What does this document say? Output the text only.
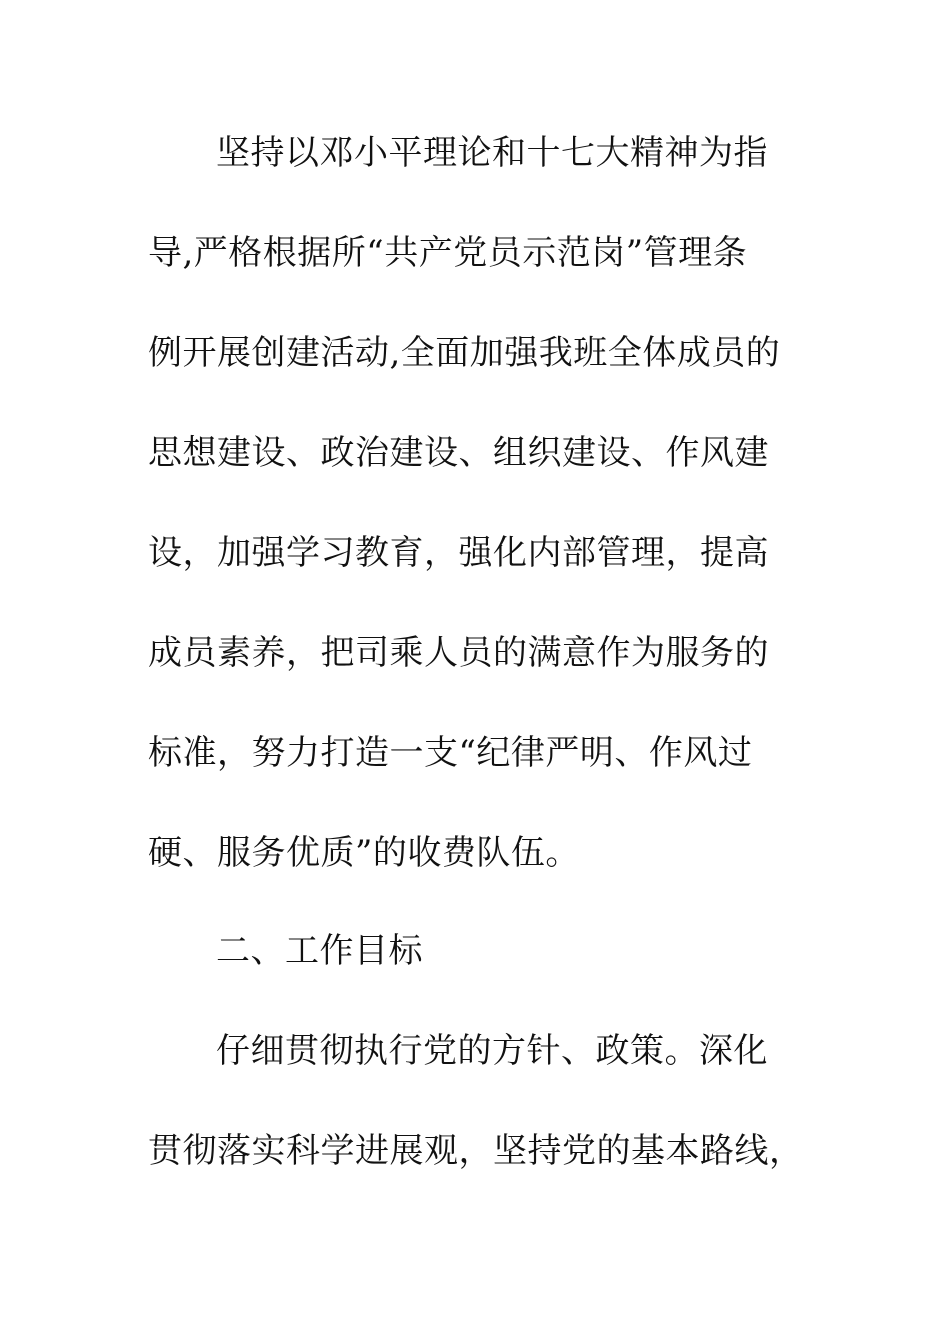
坚持以邓小平理论和十七大精神为指
导,严格根据所“共产党员示范岗”管理条
例开展创建活动,全面加强我班全体成员的
思想建设、政治建设、组织建设、作风建
设，加强学习教育，强化内部管理，提高
成员素养，把司乘人员的满意作为服务的
标准，努力打造一支“纪律严明、作风过
硬、服务优质”的收费队伍。
二、工作目标
仔细贯彻执行党的方针、政策。深化
贯彻落实科学进展观，坚持党的基本路线，
